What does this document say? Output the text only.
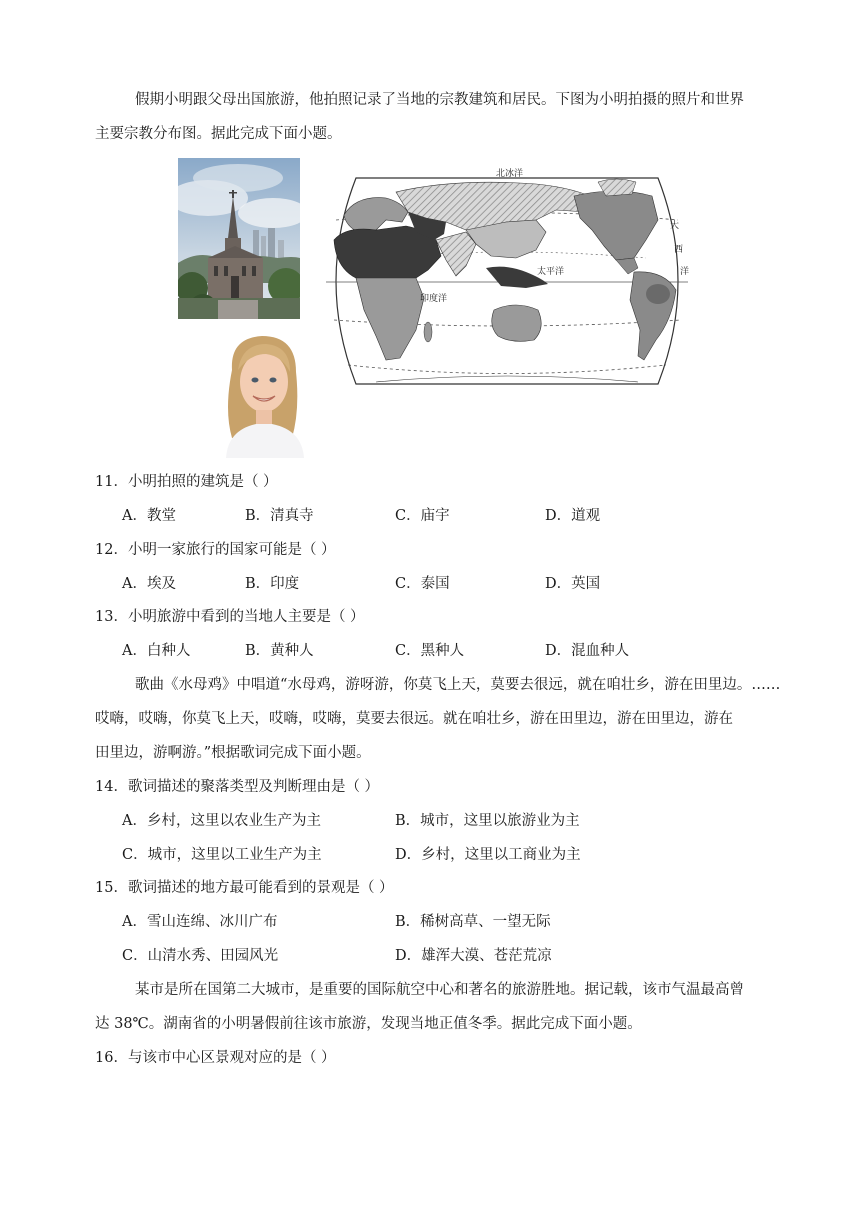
假期小明跟父母出国旅游，他拍照记录了当地的宗教建筑和居民。下图为小明拍摄的照片和世界
主要宗教分布图。据此完成下面小题。
北冰洋
太平洋
印度洋
大
西
洋
11．小明拍照的建筑是（ ）
A．教堂	B．清真寺	C．庙宇	D．道观
12．小明一家旅行的国家可能是（ ）
A．埃及	B．印度	C．泰国	D．英国
13．小明旅游中看到的当地人主要是（ ）
A．白种人	B．黄种人	C．黑种人	D．混血种人
歌曲《水母鸡》中唱道“水母鸡，游呀游，你莫飞上天，莫要去很远，就在咱壮乡，游在田里边。……
哎嗨，哎嗨，你莫飞上天，哎嗨，哎嗨，莫要去很远。就在咱壮乡，游在田里边，游在田里边，游在
田里边，游啊游。”根据歌词完成下面小题。
14．歌词描述的聚落类型及判断理由是（ ）
A．乡村，这里以农业生产为主	B．城市，这里以旅游业为主
C．城市，这里以工业生产为主	D．乡村，这里以工商业为主
15．歌词描述的地方最可能看到的景观是（ ）
A．雪山连绵、冰川广布	B．稀树高草、一望无际
C．山清水秀、田园风光	D．雄浑大漠、苍茫荒凉
某市是所在国第二大城市，是重要的国际航空中心和著名的旅游胜地。据记载，该市气温最高曾
达 38℃。湖南省的小明暑假前往该市旅游，发现当地正值冬季。据此完成下面小题。
16．与该市中心区景观对应的是（ ）
